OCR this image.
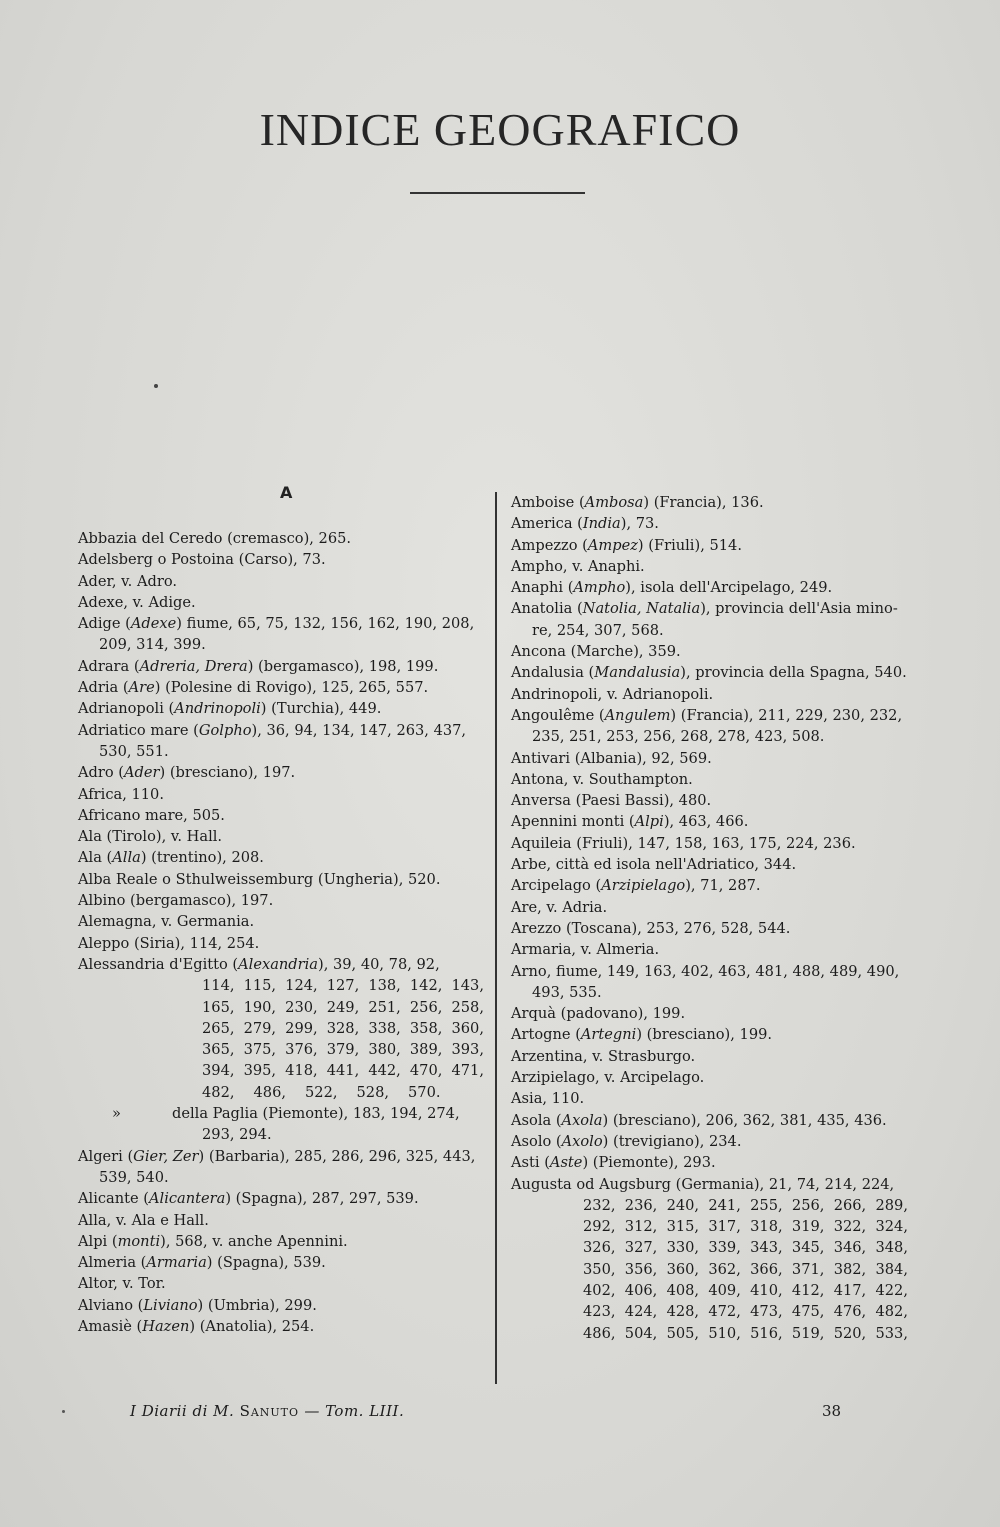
INDICE GEOGRAFICO
A
Abbazia del Ceredo (cremasco), 265.
Adelsberg o Postoina (Carso), 73.
Ader, v. Adro.
Adexe, v. Adige.
Adige (Adexe) fiume, 65, 75, 132, 156, 162, 190, 208,
209, 314, 399.
Adrara (Adreria, Drera) (bergamasco), 198, 199.
Adria (Are) (Polesine di Rovigo), 125, 265, 557.
Adrianopoli (Andrinopoli) (Turchia), 449.
Adriatico mare (Golpho), 36, 94, 134, 147, 263, 437,
530, 551.
Adro (Ader) (bresciano), 197.
Africa, 110.
Africano mare, 505.
Ala (Tirolo), v. Hall.
Ala (Alla) (trentino), 208.
Alba Reale o Sthulweissemburg (Ungheria), 520.
Albino (bergamasco), 197.
Alemagna, v. Germania.
Aleppo (Siria), 114, 254.
Alessandria d'Egitto (Alexandria), 39, 40, 78, 92,
114, 115, 124, 127, 138, 142, 143,
165, 190, 230, 249, 251, 256, 258,
265, 279, 299, 328, 338, 358, 360,
365, 375, 376, 379, 380, 389, 393,
394, 395, 418, 441, 442, 470, 471,
482, 486, 522, 528, 570.
»	della Paglia (Piemonte), 183, 194, 274,
293, 294.
Algeri (Gier, Zer) (Barbaria), 285, 286, 296, 325, 443,
539, 540.
Alicante (Alicantera) (Spagna), 287, 297, 539.
Alla, v. Ala e Hall.
Alpi (monti), 568, v. anche Apennini.
Almeria (Armaria) (Spagna), 539.
Altor, v. Tor.
Alviano (Liviano) (Umbria), 299.
Amasiè (Hazen) (Anatolia), 254.
Amboise (Ambosa) (Francia), 136.
America (India), 73.
Ampezzo (Ampez) (Friuli), 514.
Ampho, v. Anaphi.
Anaphi (Ampho), isola dell'Arcipelago, 249.
Anatolia (Natolia, Natalia), provincia dell'Asia mino-
re, 254, 307, 568.
Ancona (Marche), 359.
Andalusia (Mandalusia), provincia della Spagna, 540.
Andrinopoli, v. Adrianopoli.
Angoulême (Angulem) (Francia), 211, 229, 230, 232,
235, 251, 253, 256, 268, 278, 423, 508.
Antivari (Albania), 92, 569.
Antona, v. Southampton.
Anversa (Paesi Bassi), 480.
Apennini monti (Alpi), 463, 466.
Aquileia (Friuli), 147, 158, 163, 175, 224, 236.
Arbe, città ed isola nell'Adriatico, 344.
Arcipelago (Arzipielago), 71, 287.
Are, v. Adria.
Arezzo (Toscana), 253, 276, 528, 544.
Armaria, v. Almeria.
Arno, fiume, 149, 163, 402, 463, 481, 488, 489, 490,
493, 535.
Arquà (padovano), 199.
Artogne (Artegni) (bresciano), 199.
Arzentina, v. Strasburgo.
Arzipielago, v. Arcipelago.
Asia, 110.
Asola (Axola) (bresciano), 206, 362, 381, 435, 436.
Asolo (Axolo) (trevigiano), 234.
Asti (Aste) (Piemonte), 293.
Augusta od Augsburg (Germania), 21, 74, 214, 224,
232, 236, 240, 241, 255, 256, 266, 289,
292, 312, 315, 317, 318, 319, 322, 324,
326, 327, 330, 339, 343, 345, 346, 348,
350, 356, 360, 362, 366, 371, 382, 384,
402, 406, 408, 409, 410, 412, 417, 422,
423, 424, 428, 472, 473, 475, 476, 482,
486, 504, 505, 510, 516, 519, 520, 533,
I Diarii di M. Sanuto — Tom. LIII.	38
